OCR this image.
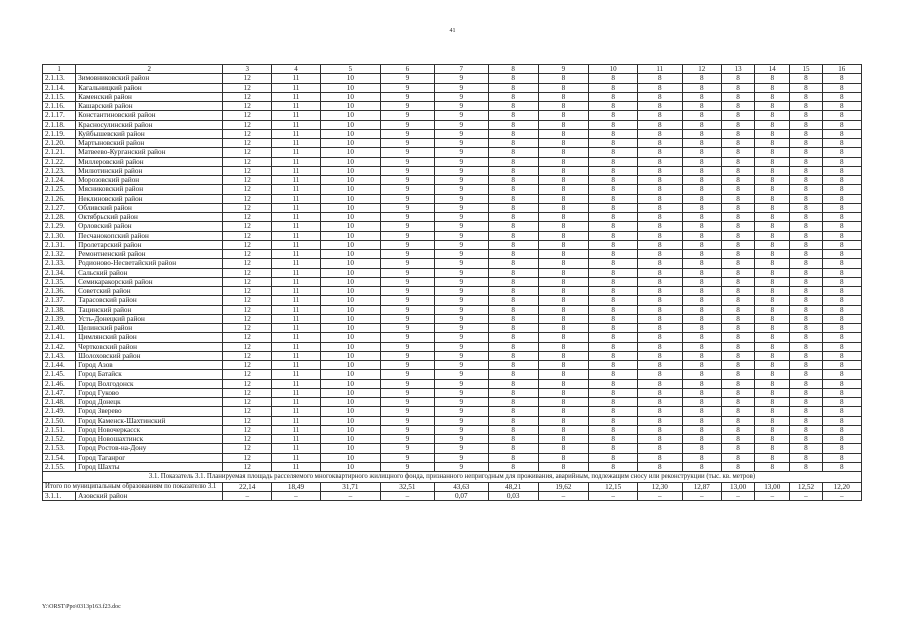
41
1	2	3	4	5	6	7	8	9	10	11	12	13	14	15	16
2.1.13.	Зимовниковский район	12	11	10	9	9	8	8	8	8	8	8	8	8	8
2.1.14.	Кагальницкий район	12	11	10	9	9	8	8	8	8	8	8	8	8	8
2.1.15.	Каменский район	12	11	10	9	9	8	8	8	8	8	8	8	8	8
2.1.16.	Кашарский район	12	11	10	9	9	8	8	8	8	8	8	8	8	8
2.1.17.	Константиновский район	12	11	10	9	9	8	8	8	8	8	8	8	8	8
2.1.18.	Красносулинский район	12	11	10	9	9	8	8	8	8	8	8	8	8	8
2.1.19.	Куйбышевский район	12	11	10	9	9	8	8	8	8	8	8	8	8	8
2.1.20.	Мартыновский район	12	11	10	9	9	8	8	8	8	8	8	8	8	8
2.1.21.	Матвеево-Курганский район	12	11	10	9	9	8	8	8	8	8	8	8	8	8
2.1.22.	Миллеровский район	12	11	10	9	9	8	8	8	8	8	8	8	8	8
2.1.23.	Милютинский район	12	11	10	9	9	8	8	8	8	8	8	8	8	8
2.1.24.	Морозовский район	12	11	10	9	9	8	8	8	8	8	8	8	8	8
2.1.25.	Мясниковский район	12	11	10	9	9	8	8	8	8	8	8	8	8	8
2.1.26.	Неклиновский район	12	11	10	9	9	8	8	8	8	8	8	8	8	8
2.1.27.	Обливский район	12	11	10	9	9	8	8	8	8	8	8	8	8	8
2.1.28.	Октябрьский район	12	11	10	9	9	8	8	8	8	8	8	8	8	8
2.1.29.	Орловский район	12	11	10	9	9	8	8	8	8	8	8	8	8	8
2.1.30.	Песчанокопский район	12	11	10	9	9	8	8	8	8	8	8	8	8	8
2.1.31.	Пролетарский район	12	11	10	9	9	8	8	8	8	8	8	8	8	8
2.1.32.	Ремонтненский район	12	11	10	9	9	8	8	8	8	8	8	8	8	8
2.1.33.	Родионово-Несветайский район	12	11	10	9	9	8	8	8	8	8	8	8	8	8
2.1.34.	Сальский район	12	11	10	9	9	8	8	8	8	8	8	8	8	8
2.1.35.	Семикаракорский район	12	11	10	9	9	8	8	8	8	8	8	8	8	8
2.1.36.	Советский район	12	11	10	9	9	8	8	8	8	8	8	8	8	8
2.1.37.	Тарасовский район	12	11	10	9	9	8	8	8	8	8	8	8	8	8
2.1.38.	Тацинский район	12	11	10	9	9	8	8	8	8	8	8	8	8	8
2.1.39.	Усть-Донецкий район	12	11	10	9	9	8	8	8	8	8	8	8	8	8
2.1.40.	Целинский район	12	11	10	9	9	8	8	8	8	8	8	8	8	8
2.1.41.	Цимлянский район	12	11	10	9	9	8	8	8	8	8	8	8	8	8
2.1.42.	Чертковский район	12	11	10	9	9	8	8	8	8	8	8	8	8	8
2.1.43.	Шолоховский район	12	11	10	9	9	8	8	8	8	8	8	8	8	8
2.1.44.	Город Азов	12	11	10	9	9	8	8	8	8	8	8	8	8	8
2.1.45.	Город Батайск	12	11	10	9	9	8	8	8	8	8	8	8	8	8
2.1.46.	Город Волгодонск	12	11	10	9	9	8	8	8	8	8	8	8	8	8
2.1.47.	Город Гуково	12	11	10	9	9	8	8	8	8	8	8	8	8	8
2.1.48.	Город Донецк	12	11	10	9	9	8	8	8	8	8	8	8	8	8
2.1.49.	Город Зверево	12	11	10	9	9	8	8	8	8	8	8	8	8	8
2.1.50.	Город Каменск-Шахтинский	12	11	10	9	9	8	8	8	8	8	8	8	8	8
2.1.51.	Город Новочеркасск	12	11	10	9	9	8	8	8	8	8	8	8	8	8
2.1.52.	Город Новошахтинск	12	11	10	9	9	8	8	8	8	8	8	8	8	8
2.1.53.	Город Ростов-на-Дону	12	11	10	9	9	8	8	8	8	8	8	8	8	8
2.1.54.	Город Таганрог	12	11	10	9	9	8	8	8	8	8	8	8	8	8
2.1.55.	Город Шахты	12	11	10	9	9	8	8	8	8	8	8	8	8	8
3.1. Показатель 3.1. Планируемая площадь расселяемого многоквартирного жилищного фонда, признанного непригодным для проживания, аварийным, подлежащим сносу или реконструкции (тыс. кв. метров)															
Итого по муниципальным образованиям по показателю 3.1		22,14	18,49	31,71	32,51	43,63	48,21	19,62	12,15	12,30	12,87	13,00	13,00	12,52	12,20
3.1.1.	Азовский район	–	–	–	–	0,07	0,03	–	–	–	–	–	–	–	–
Y:\ORST\Ppo\0313p163.f23.doc
